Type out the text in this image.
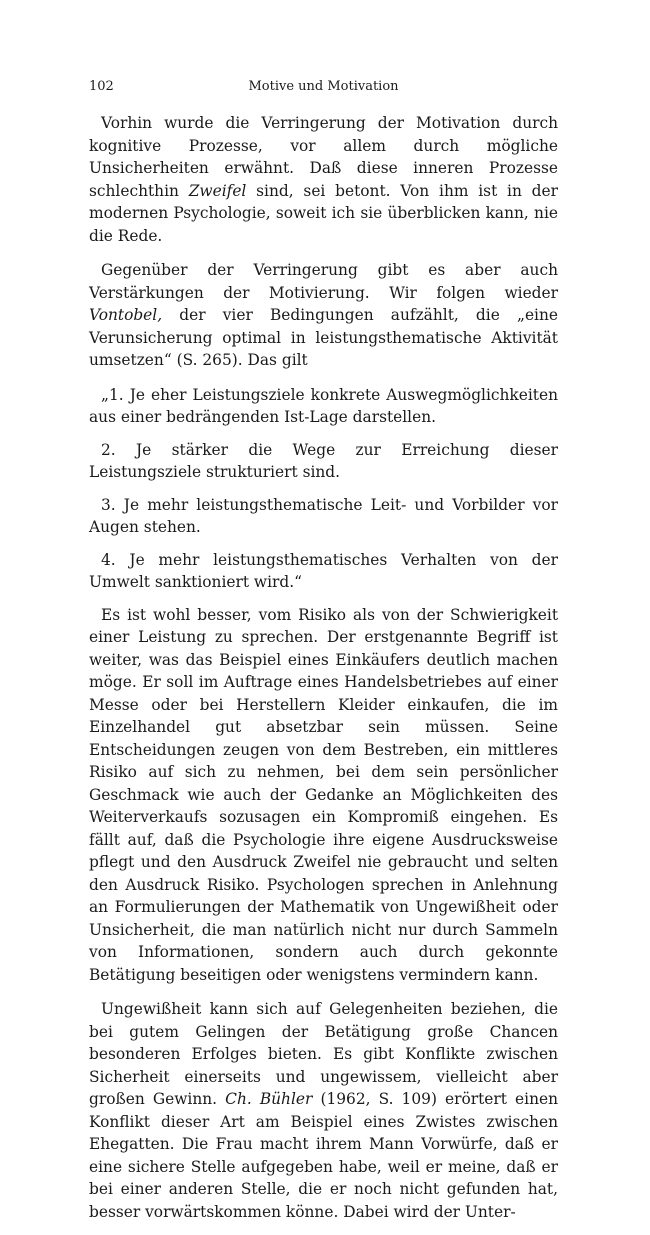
102	Motive und Motivation

Vorhin wurde die Verringerung der Motivation durch kognitive Prozesse, vor allem durch mögliche Unsicherheiten erwähnt. Daß diese inneren Prozesse schlechthin Zweifel sind, sei betont. Von ihm ist in der modernen Psychologie, soweit ich sie überblicken kann, nie die Rede.

Gegenüber der Verringerung gibt es aber auch Verstärkungen der Motivierung. Wir folgen wieder Vontobel, der vier Bedingungen aufzählt, die „eine Verunsicherung optimal in leistungsthematische Aktivität umsetzen“ (S. 265). Das gilt

„1. Je eher Leistungsziele konkrete Auswegmöglichkeiten aus einer bedrängenden Ist-Lage darstellen.

2. Je stärker die Wege zur Erreichung dieser Leistungsziele strukturiert sind.

3. Je mehr leistungsthematische Leit- und Vorbilder vor Augen stehen.

4. Je mehr leistungsthematisches Verhalten von der Umwelt sanktioniert wird.“

Es ist wohl besser, vom Risiko als von der Schwierigkeit einer Leistung zu sprechen. Der erstgenannte Begriff ist weiter, was das Beispiel eines Einkäufers deutlich machen möge. Er soll im Auftrage eines Handelsbetriebes auf einer Messe oder bei Herstellern Kleider einkaufen, die im Einzelhandel gut absetzbar sein müssen. Seine Entscheidungen zeugen von dem Bestreben, ein mittleres Risiko auf sich zu nehmen, bei dem sein persönlicher Geschmack wie auch der Gedanke an Möglichkeiten des Weiterverkaufs sozusagen ein Kompromiß eingehen. Es fällt auf, daß die Psychologie ihre eigene Ausdrucksweise pflegt und den Ausdruck Zweifel nie gebraucht und selten den Ausdruck Risiko. Psychologen sprechen in Anlehnung an Formulierungen der Mathematik von Ungewißheit oder Unsicherheit, die man natürlich nicht nur durch Sammeln von Informationen, sondern auch durch gekonnte Betätigung beseitigen oder wenigstens vermindern kann.

Ungewißheit kann sich auf Gelegenheiten beziehen, die bei gutem Gelingen der Betätigung große Chancen besonderen Erfolges bieten. Es gibt Konflikte zwischen Sicherheit einerseits und ungewissem, vielleicht aber großen Gewinn. Ch. Bühler (1962, S. 109) erörtert einen Konflikt dieser Art am Beispiel eines Zwistes zwischen Ehegatten. Die Frau macht ihrem Mann Vorwürfe, daß er eine sichere Stelle aufgegeben habe, weil er meine, daß er bei einer anderen Stelle, die er noch nicht gefunden hat, besser vorwärtskommen könne. Dabei wird der Unter-
